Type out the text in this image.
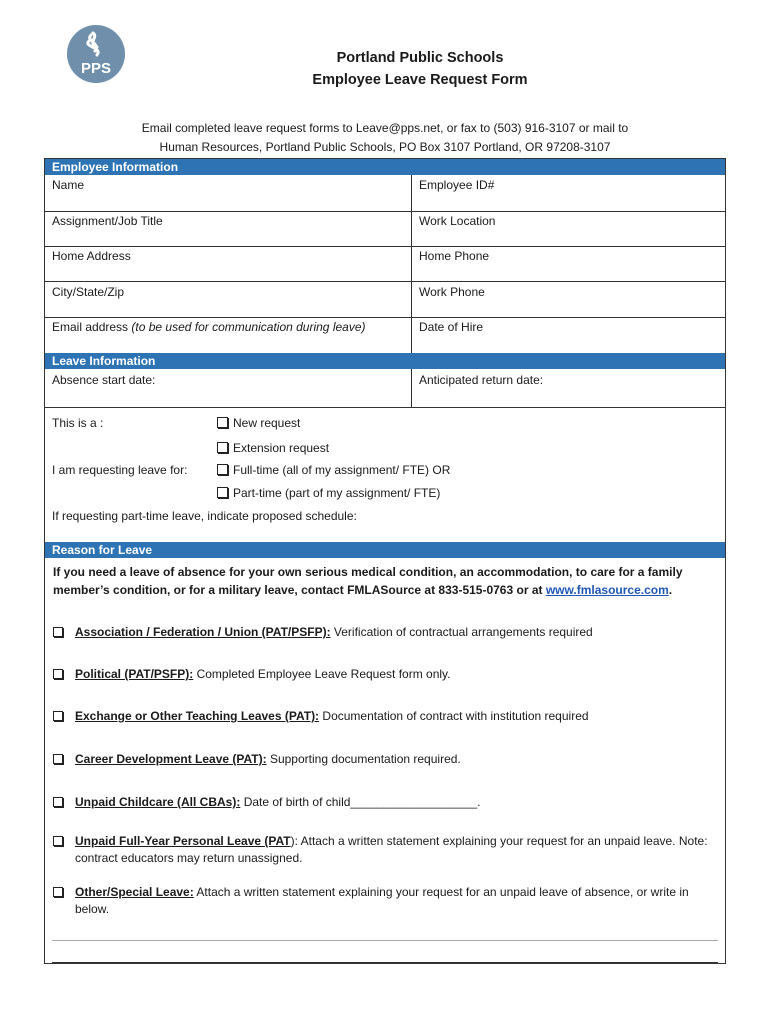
PPS
Portland Public Schools
Employee Leave Request Form
Email completed leave request forms to Leave@pps.net, or fax to (503) 916-3107 or mail to
Human Resources, Portland Public Schools, PO Box 3107 Portland, OR 97208-3107
Employee Information
Name	Employee ID#
Assignment/Job Title	Work Location
Home Address	Home Phone
City/State/Zip	Work Phone
Email address (to be used for communication during leave)	Date of Hire
Leave Information
Absence start date:	Anticipated return date:
This is a :	New request
Extension request
I am requesting leave for:	Full-time (all of my assignment/ FTE) OR
Part-time (part of my assignment/ FTE)
If requesting part-time leave, indicate proposed schedule:
Reason for Leave
If you need a leave of absence for your own serious medical condition, an accommodation, to care for a family member’s condition, or for a military leave, contact FMLASource at 833-515-0763 or at www.fmlasource.com.
Association / Federation / Union (PAT/PSFP): Verification of contractual arrangements required
Political (PAT/PSFP): Completed Employee Leave Request form only.
Exchange or Other Teaching Leaves (PAT): Documentation of contract with institution required
Career Development Leave (PAT): Supporting documentation required.
Unpaid Childcare (All CBAs): Date of birth of child___________________.
Unpaid Full-Year Personal Leave (PAT): Attach a written statement explaining your request for an unpaid leave. Note: contract educators may return unassigned.
Other/Special Leave: Attach a written statement explaining your request for an unpaid leave of absence, or write in below.
